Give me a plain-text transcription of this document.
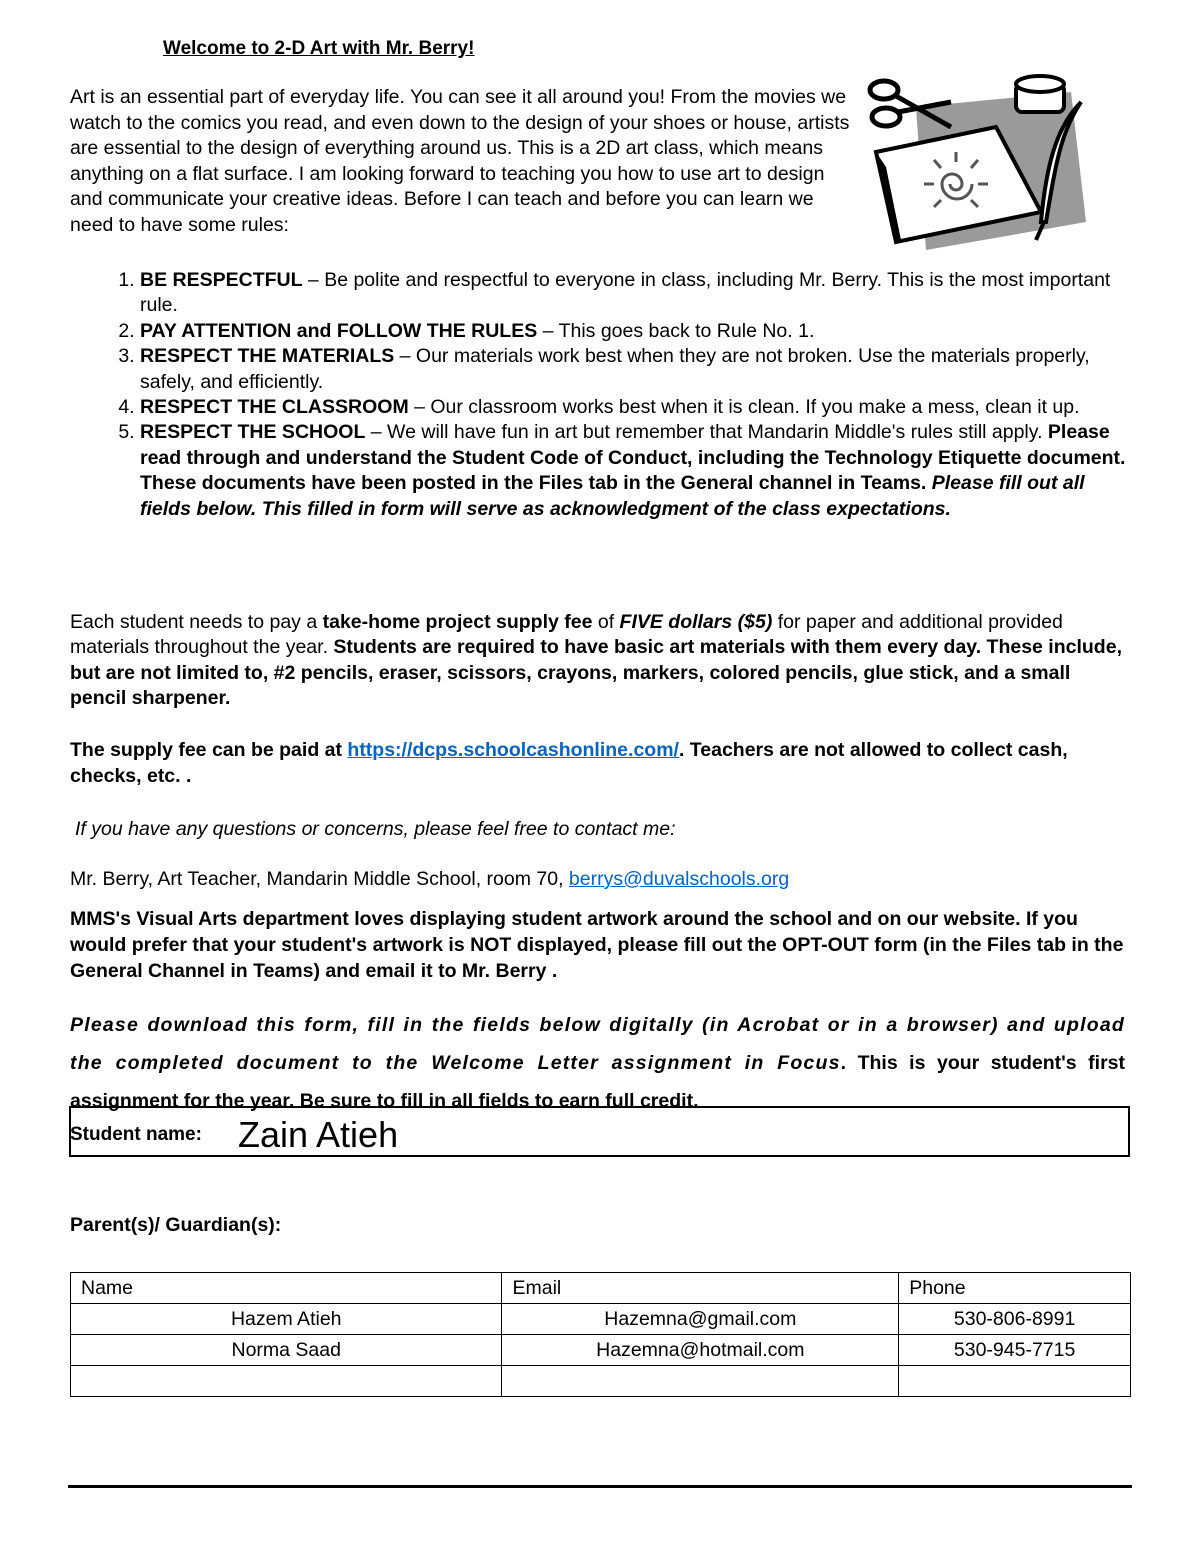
Welcome to 2-D Art with Mr. Berry!

Art is an essential part of everyday life. You can see it all around you! From the movies we watch to the comics you read, and even down to the design of your shoes or house, artists are essential to the design of everything around us. This is a 2D art class, which means anything on a flat surface. I am looking forward to teaching you how to use art to design and communicate your creative ideas. Before I can teach and before you can learn we need to have some rules:

1. BE RESPECTFUL – Be polite and respectful to everyone in class, including Mr. Berry. This is the most important rule.
2. PAY ATTENTION and FOLLOW THE RULES – This goes back to Rule No. 1.
3. RESPECT THE MATERIALS – Our materials work best when they are not broken. Use the materials properly, safely, and efficiently.
4. RESPECT THE CLASSROOM – Our classroom works best when it is clean. If you make a mess, clean it up.
5. RESPECT THE SCHOOL – We will have fun in art but remember that Mandarin Middle's rules still apply. Please read through and understand the Student Code of Conduct, including the Technology Etiquette document. These documents have been posted in the Files tab in the General channel in Teams. Please fill out all fields below. This filled in form will serve as acknowledgment of the class expectations.
Each student needs to pay a take-home project supply fee of FIVE dollars ($5) for paper and additional provided materials throughout the year. Students are required to have basic art materials with them every day. These include, but are not limited to, #2 pencils, eraser, scissors, crayons, markers, colored pencils, glue stick, and a small pencil sharpener.
The supply fee can be paid at https://dcps.schoolcashonline.com/. Teachers are not allowed to collect cash, checks, etc. .
If you have any questions or concerns, please feel free to contact me:
Mr. Berry, Art Teacher, Mandarin Middle School, room 70, berrys@duvalschools.org
MMS's Visual Arts department loves displaying student artwork around the school and on our website. If you would prefer that your student's artwork is NOT displayed, please fill out the OPT-OUT form (in the Files tab in the General Channel in Teams) and email it to Mr. Berry .
Please download this form, fill in the fields below digitally (in Acrobat or in a browser) and upload the completed document to the Welcome Letter assignment in Focus. This is your student's first assignment for the year. Be sure to fill in all fields to earn full credit.
Student name: Zain Atieh
Parent(s)/ Guardian(s):
Name	Email	Phone
Hazem Atieh	Hazemna@gmail.com	530-806-8991
Norma Saad	Hazemna@hotmail.com	530-945-7715
